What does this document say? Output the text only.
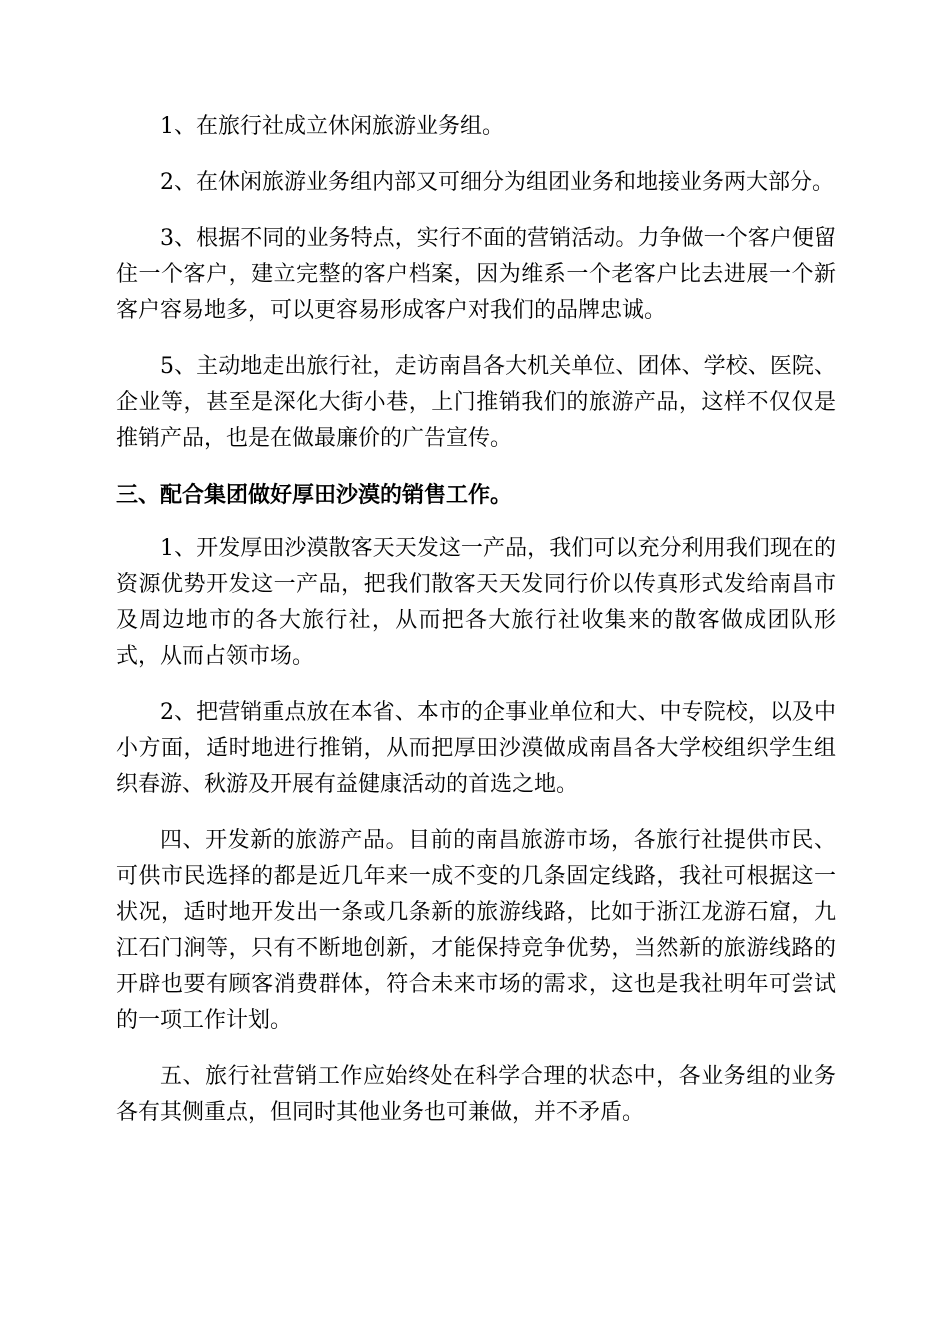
1、在旅行社成立休闲旅游业务组。

2、在休闲旅游业务组内部又可细分为组团业务和地接业务两大部分。

3、根据不同的业务特点，实行不面的营销活动。力争做一个客户便留住一个客户，建立完整的客户档案，因为维系一个老客户比去进展一个新客户容易地多，可以更容易形成客户对我们的品牌忠诚。

5、主动地走出旅行社，走访南昌各大机关单位、团体、学校、医院、企业等，甚至是深化大街小巷，上门推销我们的旅游产品，这样不仅仅是推销产品，也是在做最廉价的广告宣传。

三、配合集团做好厚田沙漠的销售工作。

1、开发厚田沙漠散客天天发这一产品，我们可以充分利用我们现在的资源优势开发这一产品，把我们散客天天发同行价以传真形式发给南昌市及周边地市的各大旅行社，从而把各大旅行社收集来的散客做成团队形式，从而占领市场。

2、把营销重点放在本省、本市的企事业单位和大、中专院校，以及中小方面，适时地进行推销，从而把厚田沙漠做成南昌各大学校组织学生组织春游、秋游及开展有益健康活动的首选之地。

四、开发新的旅游产品。目前的南昌旅游市场，各旅行社提供市民、可供市民选择的都是近几年来一成不变的几条固定线路，我社可根据这一状况，适时地开发出一条或几条新的旅游线路，比如于浙江龙游石窟，九江石门涧等，只有不断地创新，才能保持竞争优势，当然新的旅游线路的开辟也要有顾客消费群体，符合未来市场的需求，这也是我社明年可尝试的一项工作计划。

五、旅行社营销工作应始终处在科学合理的状态中，各业务组的业务各有其侧重点，但同时其他业务也可兼做，并不矛盾。
